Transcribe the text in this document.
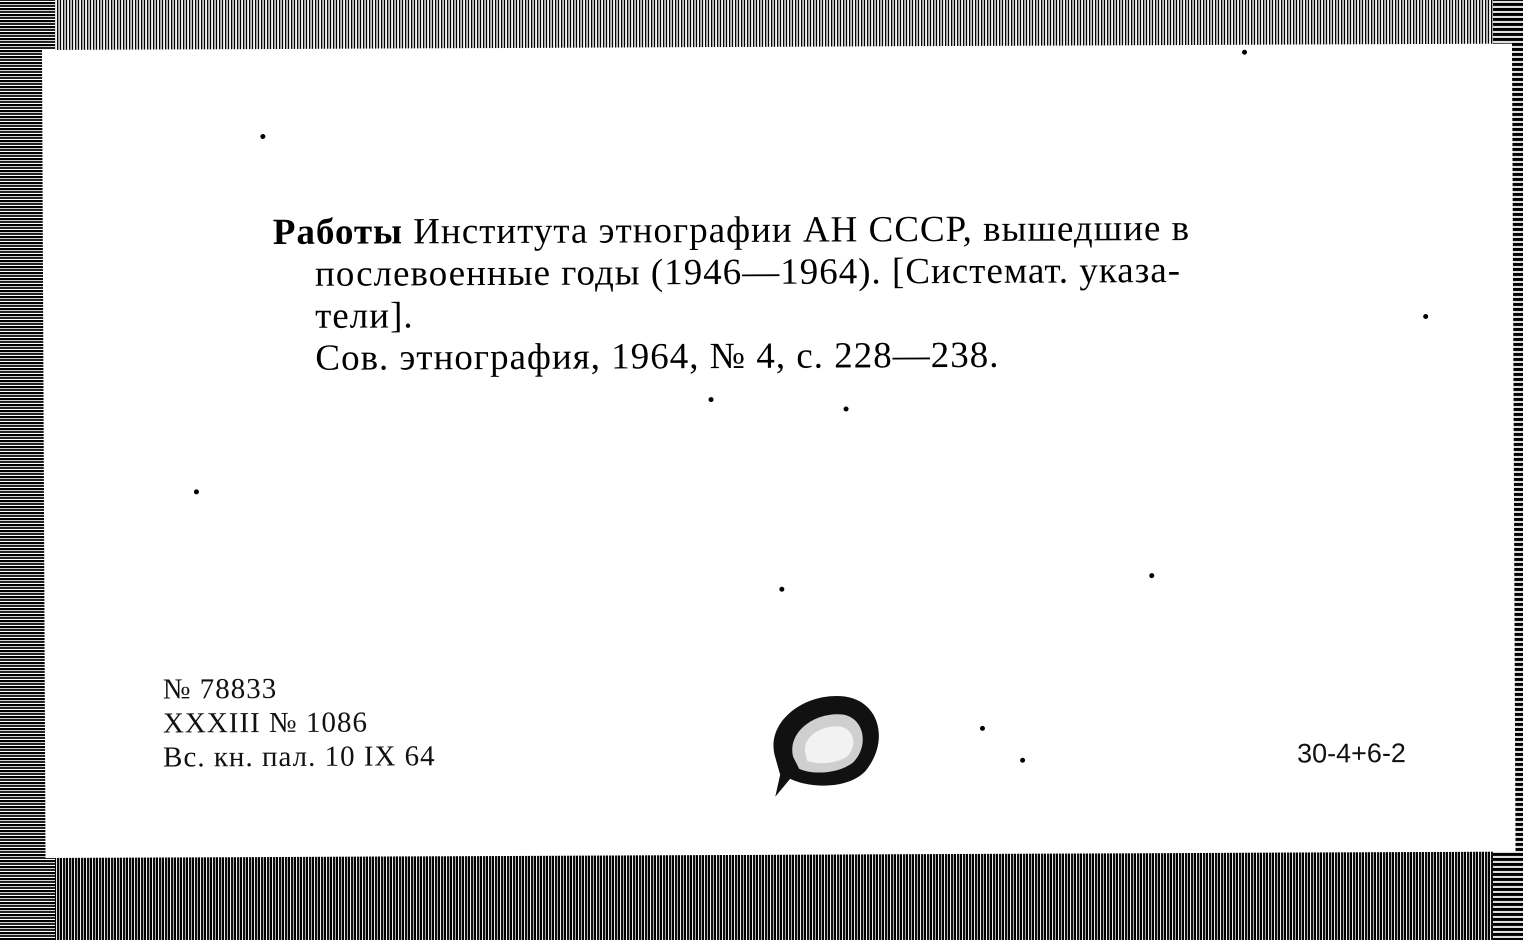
Работы Института этнографии АН СССР, вышедшие в
послевоенные годы (1946—1964). [Системат. указа-
тели].
Сов. этнография, 1964, № 4, с. 228—238.
№ 78833
XXXIII № 1086
Вс. кн. пал. 10 IX 64	30-4+6-2
